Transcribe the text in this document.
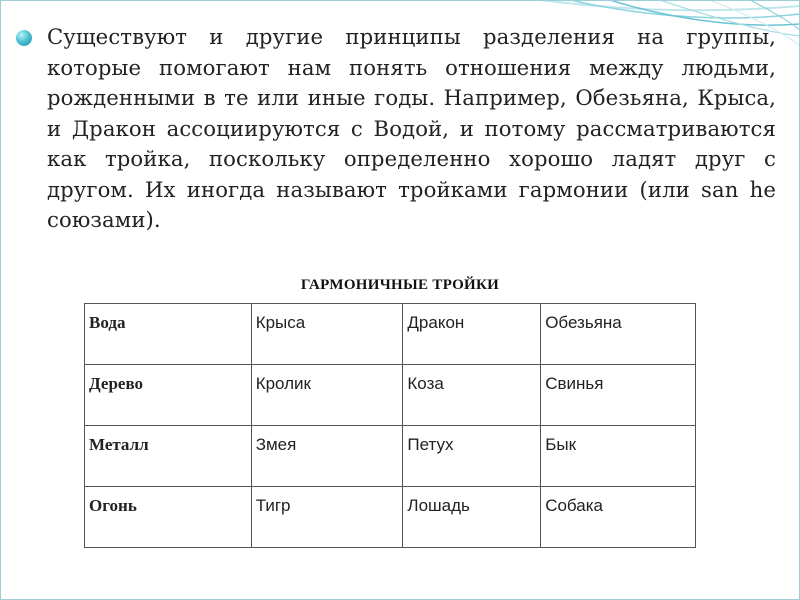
Существуют и другие принципы разделения на группы, которые помогают нам понять отношения между людьми, рожденными в те или иные годы. Например, Обезьяна, Крыса, и Дракон ассоциируются с Водой, и потому рассматриваются как тройка, поскольку определенно хорошо ладят друг с другом. Их иногда называют тройками гармонии (или san he союзами).

ГАРМОНИЧНЫЕ ТРОЙКИ
Вода	Крыса	Дракон	Обезьяна
Дерево	Кролик	Коза	Свинья
Металл	Змея	Петух	Бык
Огонь	Тигр	Лошадь	Собака
